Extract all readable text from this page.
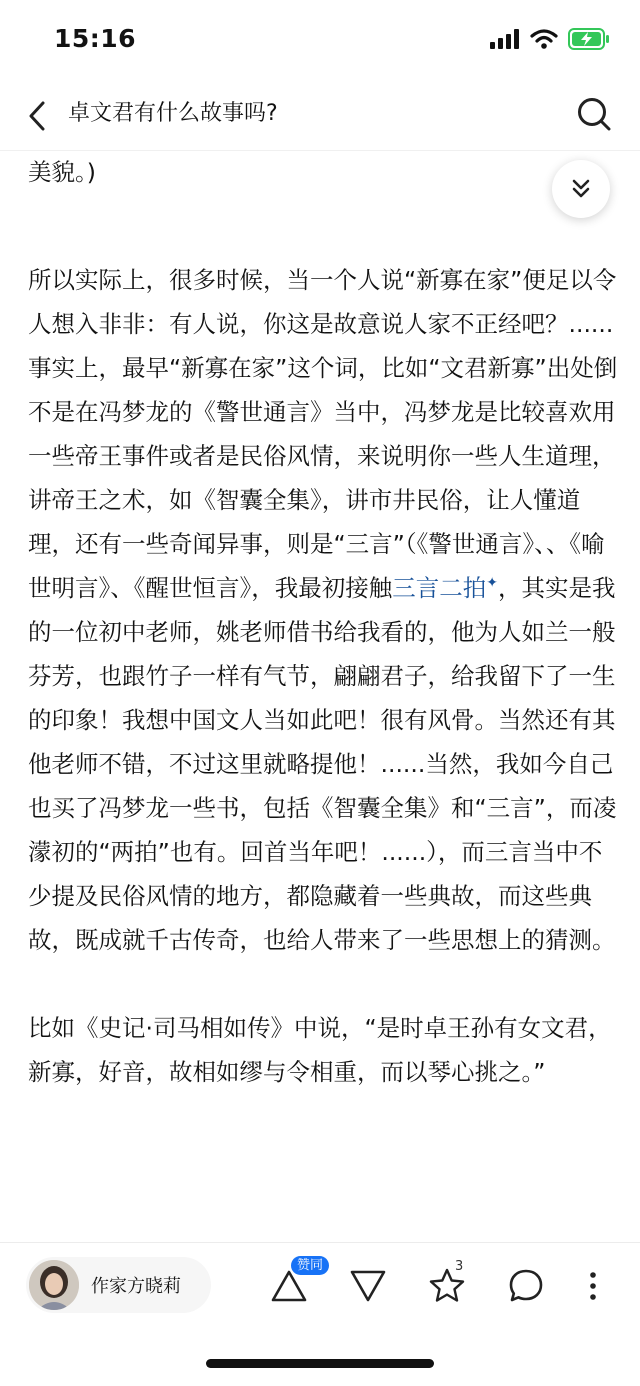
15:16
卓文君有什么故事吗?

美貌。)

所以实际上，很多时候，当一个人说“新寡在家”便足以令人想入非非：有人说，你这是故意说人家不正经吧？......事实上，最早“新寡在家”这个词，比如“文君新寡”出处倒不是在冯梦龙的《警世通言》当中，冯梦龙是比较喜欢用一些帝王事件或者是民俗风情，来说明你一些人生道理，讲帝王之术，如《智囊全集》，讲市井民俗，让人懂道理，还有一些奇闻异事，则是“三言”（《警世通言》、、《喻世明言》、《醒世恒言》，我最初接触三言二拍✦，其实是我的一位初中老师，姚老师借书给我看的，他为人如兰一般芬芳，也跟竹子一样有气节，翩翩君子，给我留下了一生的印象！我想中国文人当如此吧！很有风骨。当然还有其他老师不错，不过这里就略提他！......当然，我如今自己也买了冯梦龙一些书，包括《智囊全集》和“三言”，而凌濛初的“两拍”也有。回首当年吧！......），而三言当中不少提及民俗风情的地方，都隐藏着一些典故，而这些典故，既成就千古传奇，也给人带来了一些思想上的猜测。

比如《史记·司马相如传》中说，“是时卓王孙有女文君，新寡，好音，故相如缪与令相重，而以琴心挑之。”

作家方晓莉
赞同	3
